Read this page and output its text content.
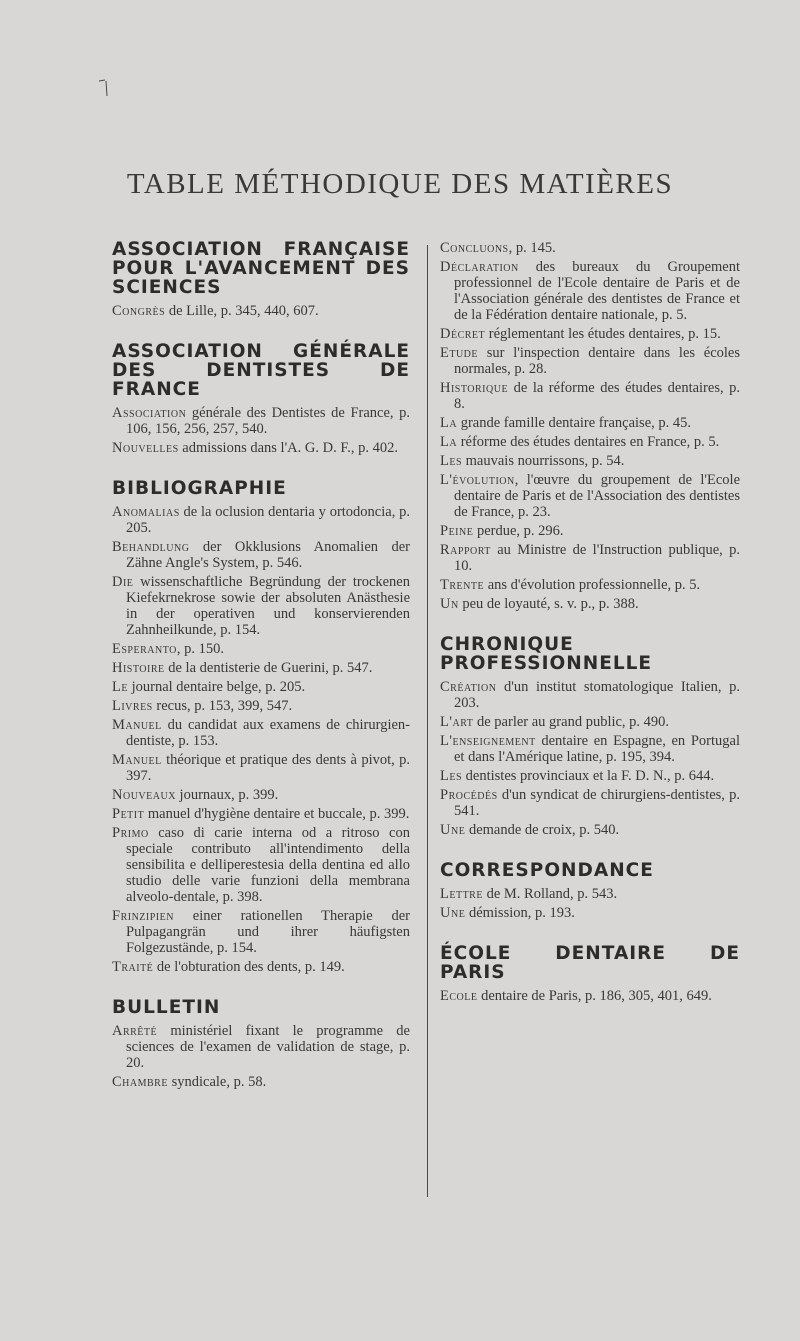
TABLE MÉTHODIQUE DES MATIÈRES
ASSOCIATION FRANÇAISE POUR L'AVANCEMENT DES SCIENCES

Congrès de Lille, p. 345, 440, 607.

ASSOCIATION GÉNÉRALE DES DENTISTES DE FRANCE

Association générale des Dentistes de France, p. 106, 156, 256, 257, 540.

Nouvelles admissions dans l'A. G. D. F., p. 402.

BIBLIOGRAPHIE

Anomalias de la oclusion dentaria y ortodoncia, p. 205.

Behandlung der Okklusions Anomalien der Zähne Angle's System, p. 546.

Die wissenschaftliche Begründung der trockenen Kiefekrnekrose sowie der absoluten Anästhesie in der operativen und konservierenden Zahnheilkunde, p. 154.

Esperanto, p. 150.

Histoire de la dentisterie de Guerini, p. 547.

Le journal dentaire belge, p. 205.

Livres recus, p. 153, 399, 547.

Manuel du candidat aux examens de chirurgien-dentiste, p. 153.

Manuel théorique et pratique des dents à pivot, p. 397.

Nouveaux journaux, p. 399.

Petit manuel d'hygiène dentaire et buccale, p. 399.

Primo caso di carie interna od a ritroso con speciale contributo all'intendimento della sensibilita e delliperestesia della dentina ed allo studio delle varie funzioni della membrana alveolo-dentale, p. 398.

Frinzipien einer rationellen Therapie der Pulpagangrän und ihrer häufigsten Folgezustände, p. 154.

Traité de l'obturation des dents, p. 149.

BULLETIN

Arrêté ministériel fixant le programme de sciences de l'examen de validation de stage, p. 20.

Chambre syndicale, p. 58.

Concluons, p. 145.

Déclaration des bureaux du Groupement professionnel de l'Ecole dentaire de Paris et de l'Association générale des dentistes de France et de la Fédération dentaire nationale, p. 5.

Décret réglementant les études dentaires, p. 15.

Etude sur l'inspection dentaire dans les écoles normales, p. 28.

Historique de la réforme des études dentaires, p. 8.

La grande famille dentaire française, p. 45.

La réforme des études dentaires en France, p. 5.

Les mauvais nourrissons, p. 54.

L'évolution, l'œuvre du groupement de l'Ecole dentaire de Paris et de l'Association des dentistes de France, p. 23.

Peine perdue, p. 296.

Rapport au Ministre de l'Instruction publique, p. 10.

Trente ans d'évolution professionnelle, p. 5.

Un peu de loyauté, s. v. p., p. 388.

CHRONIQUE PROFESSIONNELLE

Création d'un institut stomatologique Italien, p. 203.

L'art de parler au grand public, p. 490.

L'enseignement dentaire en Espagne, en Portugal et dans l'Amérique latine, p. 195, 394.

Les dentistes provinciaux et la F. D. N., p. 644.

Procédés d'un syndicat de chirurgiens-dentistes, p. 541.

Une demande de croix, p. 540.

CORRESPONDANCE

Lettre de M. Rolland, p. 543.

Une démission, p. 193.

ÉCOLE DENTAIRE DE PARIS

Ecole dentaire de Paris, p. 186, 305, 401, 649.
